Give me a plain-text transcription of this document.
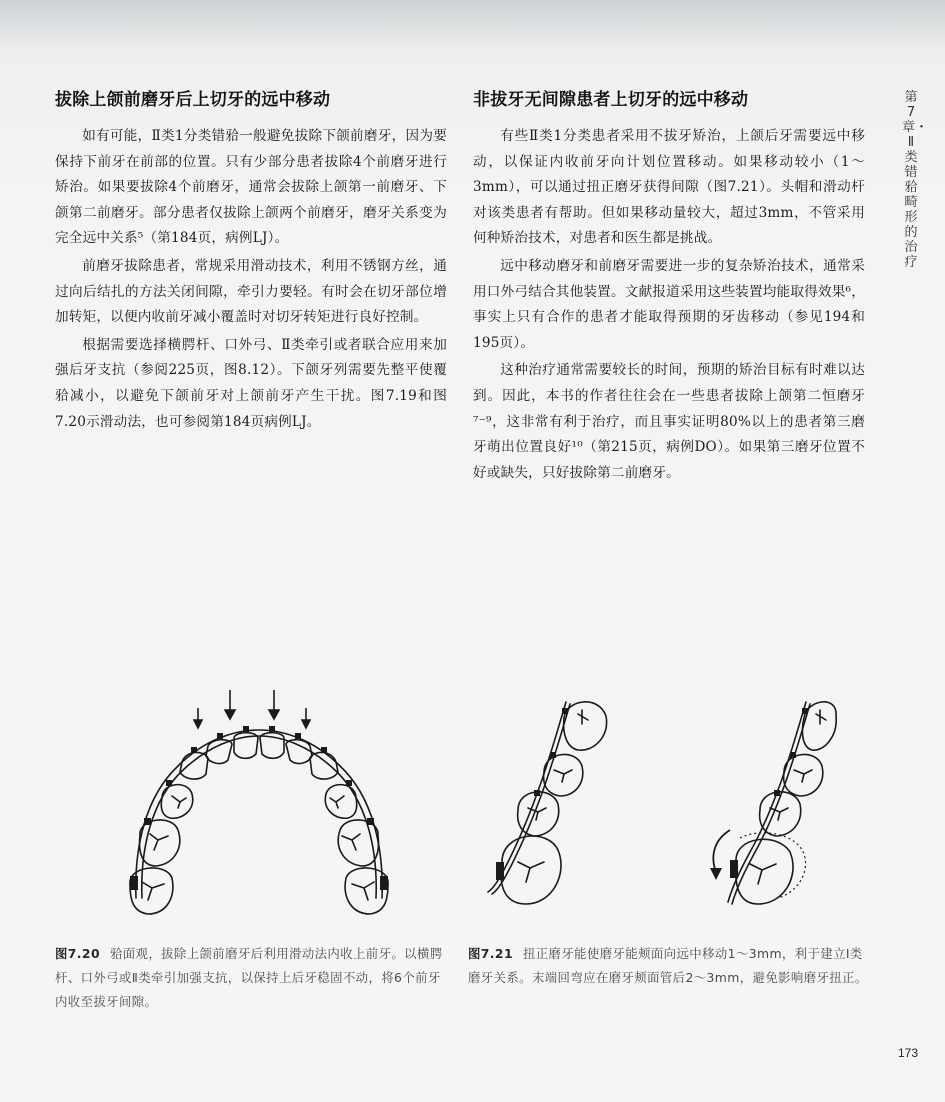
拔除上颌前磨牙后上切牙的远中移动

如有可能，Ⅱ类1分类错𬌗一般避免拔除下颌前磨牙，因为要保持下前牙在前部的位置。只有少部分患者拔除4个前磨牙进行矫治。如果要拔除4个前磨牙，通常会拔除上颌第一前磨牙、下颌第二前磨牙。部分患者仅拔除上颌两个前磨牙，磨牙关系变为完全远中关系⁵（第184页，病例LJ）。

前磨牙拔除患者，常规采用滑动技术，利用不锈钢方丝，通过向后结扎的方法关闭间隙，牵引力要轻。有时会在切牙部位增加转矩，以便内收前牙减小覆盖时对切牙转矩进行良好控制。

根据需要选择横腭杆、口外弓、Ⅱ类牵引或者联合应用来加强后牙支抗（参阅225页，图8.12）。下颌牙列需要先整平使覆𬌗减小，以避免下颌前牙对上颌前牙产生干扰。图7.19和图7.20示滑动法，也可参阅第184页病例LJ。

非拔牙无间隙患者上切牙的远中移动

有些Ⅱ类1分类患者采用不拔牙矫治，上颌后牙需要远中移动，以保证内收前牙向计划位置移动。如果移动较小（1～3mm），可以通过扭正磨牙获得间隙（图7.21）。头帽和滑动杆对该类患者有帮助。但如果移动量较大，超过3mm，不管采用何种矫治技术，对患者和医生都是挑战。

远中移动磨牙和前磨牙需要进一步的复杂矫治技术，通常采用口外弓结合其他装置。文献报道采用这些装置均能取得效果⁶，事实上只有合作的患者才能取得预期的牙齿移动（参见194和195页）。

这种治疗通常需要较长的时间，预期的矫治目标有时难以达到。因此，本书的作者往往会在一些患者拔除上颌第二恒磨牙⁷⁻⁹，这非常有利于治疗，而且事实证明80%以上的患者第三磨牙萌出位置良好¹⁰（第215页，病例DO）。如果第三磨牙位置不好或缺失，只好拔除第二前磨牙。

第7章・Ⅱ类错𬌗畸形的治疗
图7.20 𬌗面观，拔除上颌前磨牙后利用滑动法内收上前牙。以横腭杆、口外弓或Ⅱ类牵引加强支抗，以保持上后牙稳固不动，将6个前牙内收至拔牙间隙。
图7.21 扭正磨牙能使磨牙能颊面向远中移动1～3mm，利于建立Ⅰ类磨牙关系。末端回弯应在磨牙颊面管后2～3mm，避免影响磨牙扭正。
173
